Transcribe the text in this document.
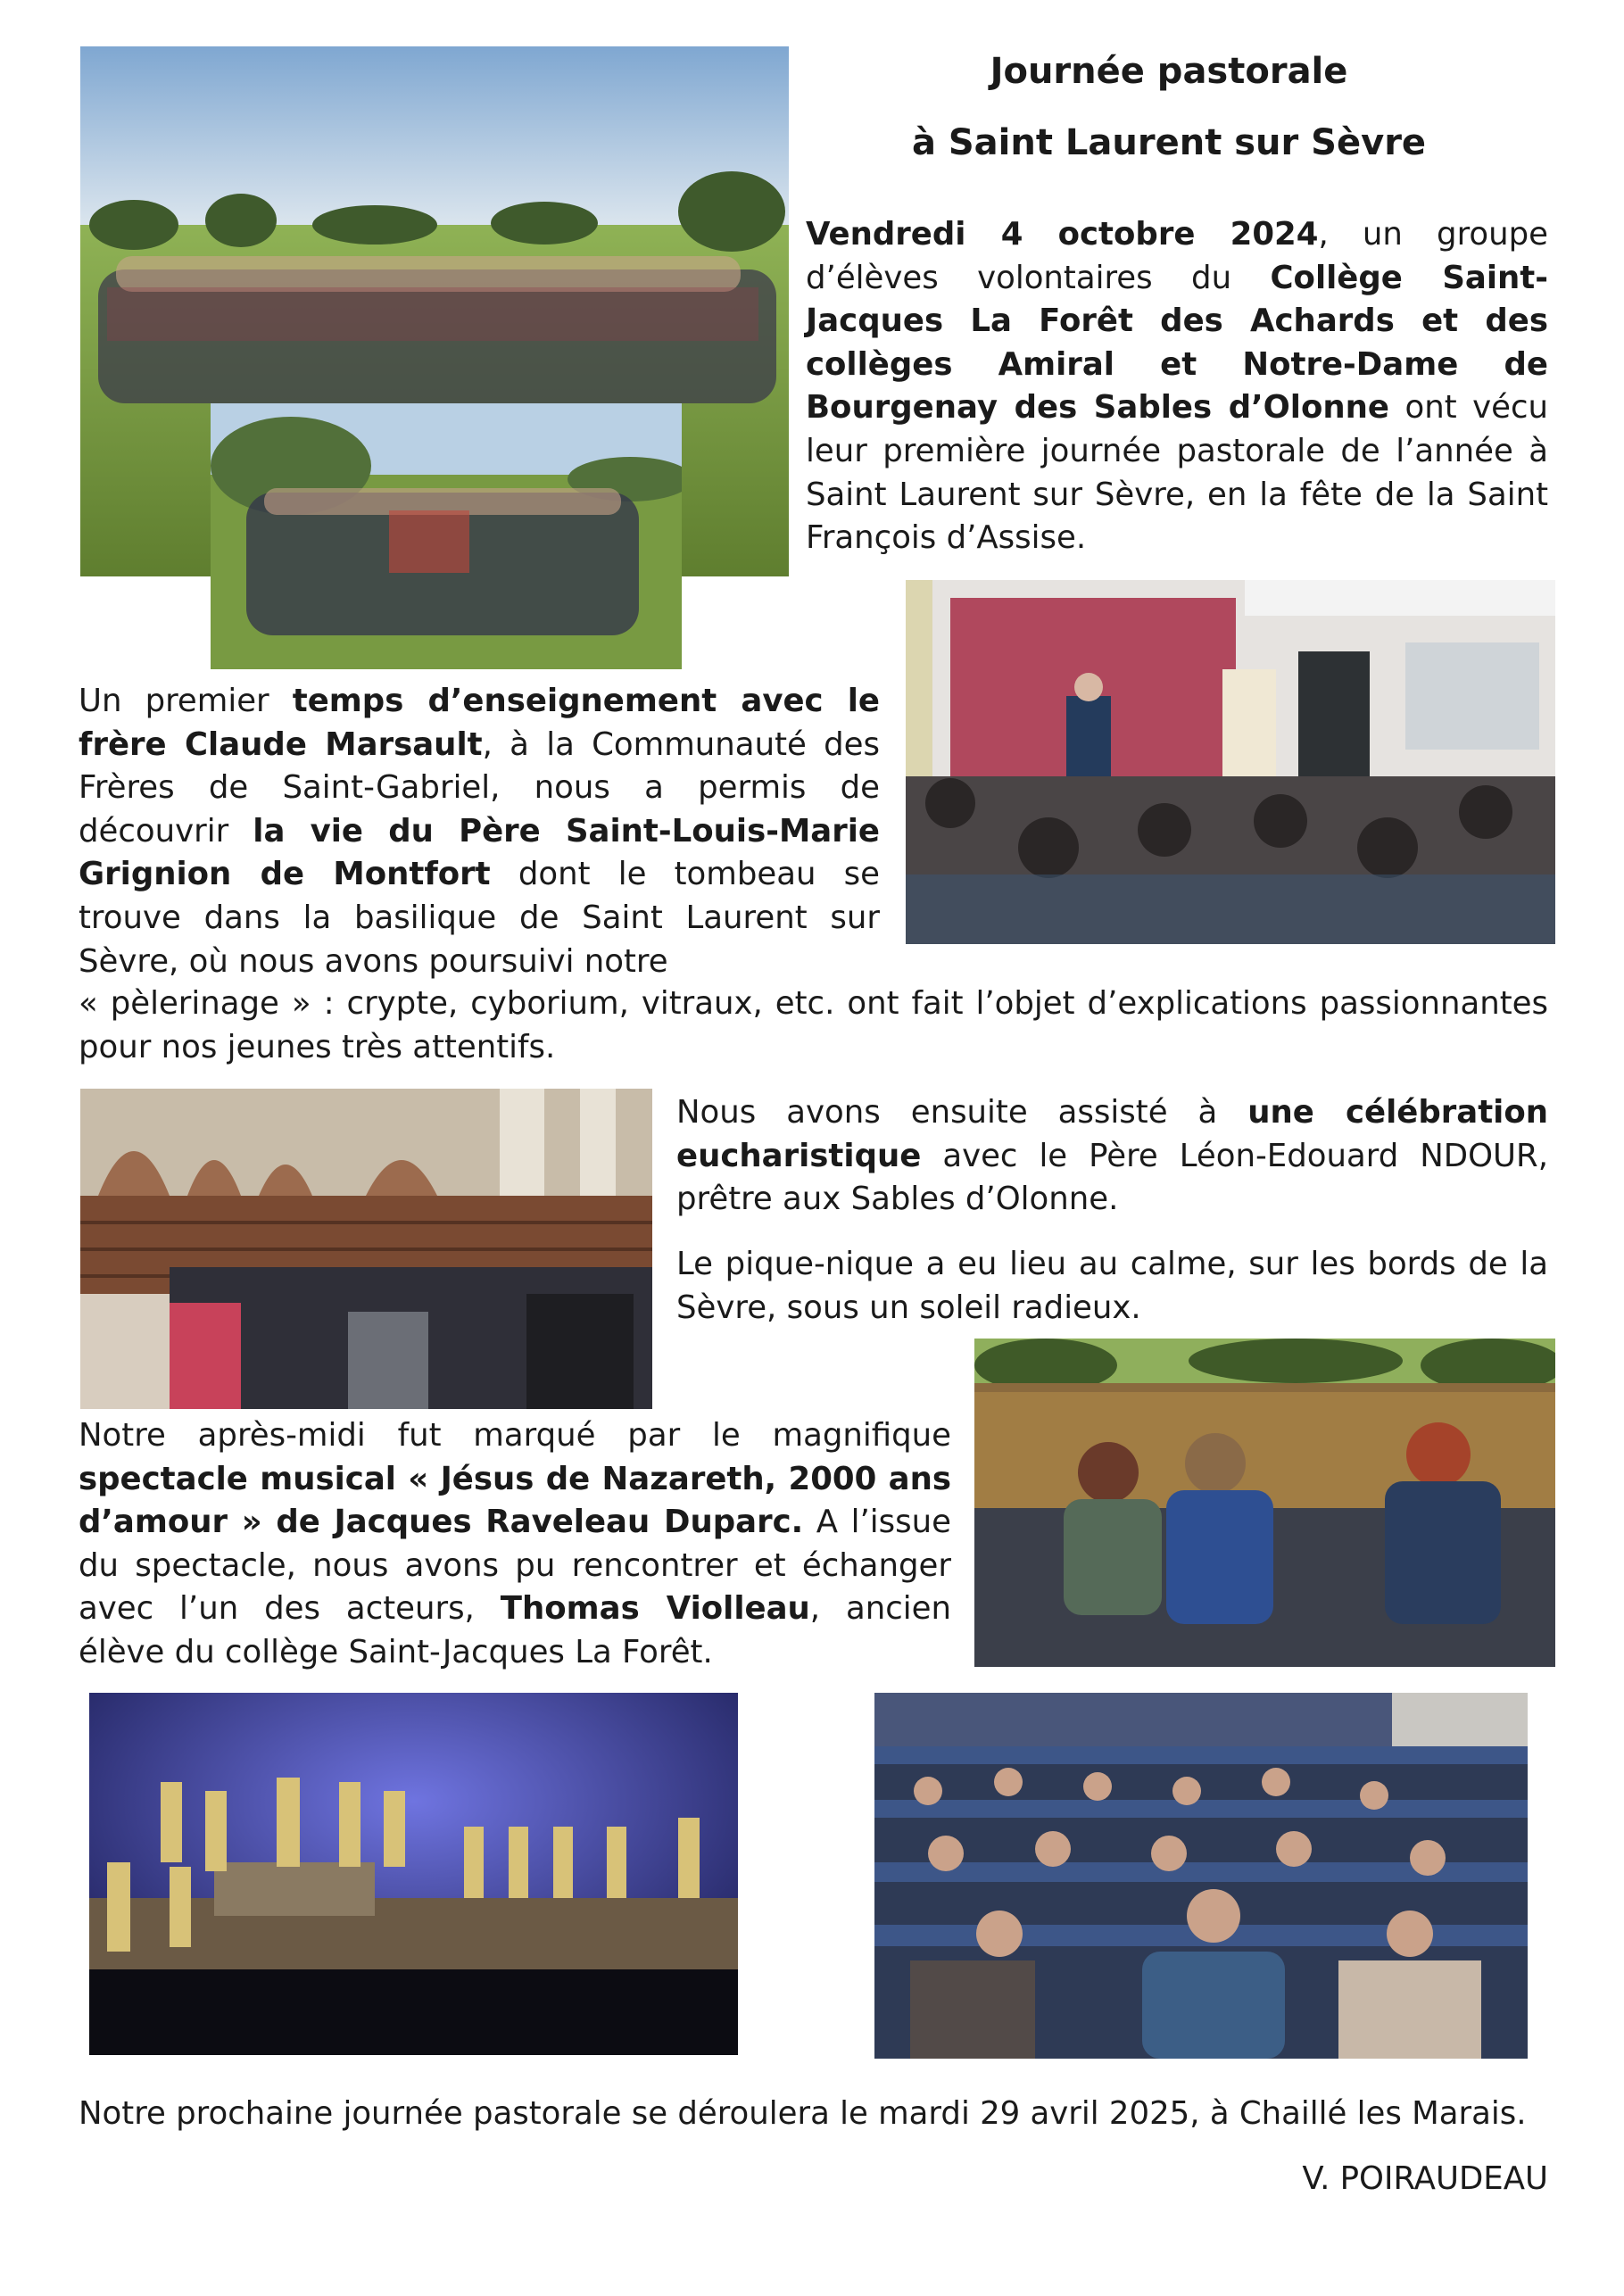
Journée pastorale
à Saint Laurent sur Sèvre

Vendredi 4 octobre 2024, un groupe d’élèves volontaires du Collège Saint-Jacques La Forêt des Achards et des collèges Amiral et Notre-Dame de Bourgenay des Sables d’Olonne ont vécu leur première journée pastorale de l’année à Saint Laurent sur Sèvre, en la fête de la Saint François d’Assise.

Un premier temps d’enseignement avec le frère Claude Marsault, à la Communauté des Frères de Saint-Gabriel, nous a permis de découvrir la vie du Père Saint-Louis-Marie Grignion de Montfort dont le tombeau se trouve dans la basilique de Saint Laurent sur Sèvre, où nous avons poursuivi notre

« pèlerinage » : crypte, cyborium, vitraux, etc. ont fait l’objet d’explications passionnantes pour nos jeunes très attentifs.

Nous avons ensuite assisté à une célébration eucharistique avec le Père Léon-Edouard NDOUR, prêtre aux Sables d’Olonne.

Le pique-nique a eu lieu au calme, sur les bords de la Sèvre, sous un soleil radieux.

Notre après-midi fut marqué par le magnifique spectacle musical « Jésus de Nazareth, 2000 ans d’amour » de Jacques Raveleau Duparc. A l’issue du spectacle, nous avons pu rencontrer et échanger avec l’un des acteurs, Thomas Violleau, ancien élève du collège Saint-Jacques La Forêt.

Notre prochaine journée pastorale se déroulera le mardi 29 avril 2025, à Chaillé les Marais.

V. POIRAUDEAU
